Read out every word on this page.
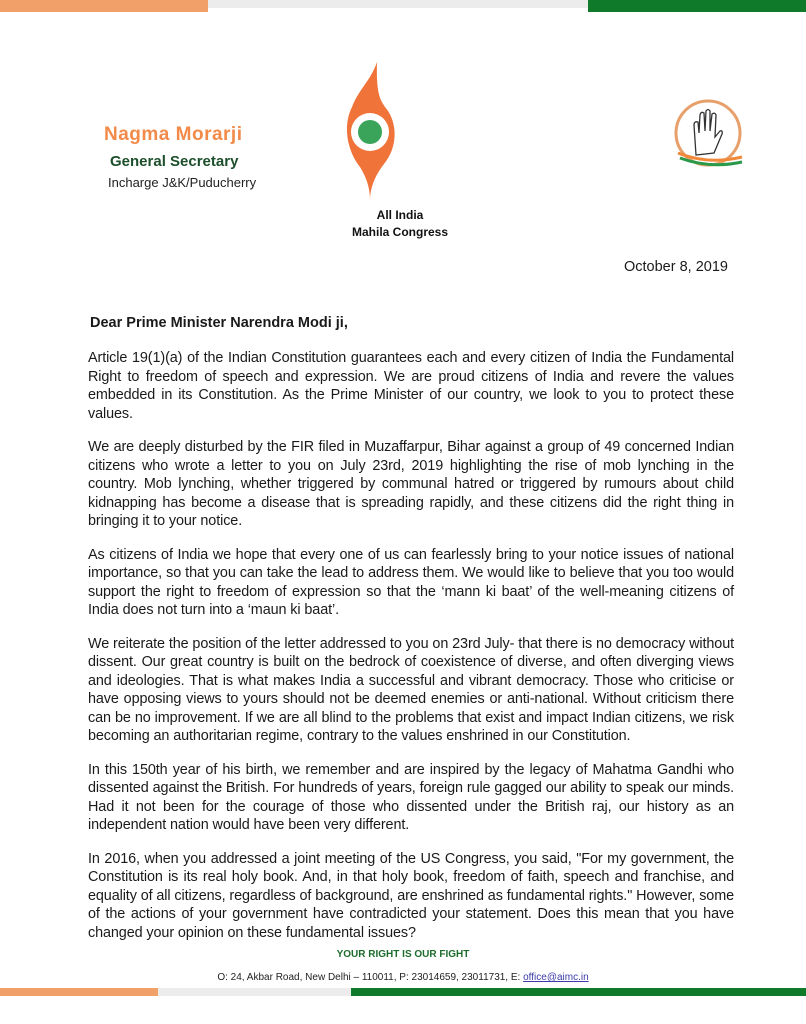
Nagma Morarji
General Secretary
Incharge J&K/Puducherry
All India
Mahila Congress
October 8, 2019
Dear Prime Minister Narendra Modi ji,

Article 19(1)(a) of the Indian Constitution guarantees each and every citizen of India the Fundamental Right to freedom of speech and expression. We are proud citizens of India and revere the values embedded in its Constitution. As the Prime Minister of our country, we look to you to protect these values.

We are deeply disturbed by the FIR filed in Muzaffarpur, Bihar against a group of 49 concerned Indian citizens who wrote a letter to you on July 23rd, 2019 highlighting the rise of mob lynching in the country. Mob lynching, whether triggered by communal hatred or triggered by rumours about child kidnapping has become a disease that is spreading rapidly, and these citizens did the right thing in bringing it to your notice.

As citizens of India we hope that every one of us can fearlessly bring to your notice issues of national importance, so that you can take the lead to address them. We would like to believe that you too would support the right to freedom of expression so that the ‘mann ki baat’ of the well-meaning citizens of India does not turn into a ‘maun ki baat’.

We reiterate the position of the letter addressed to you on 23rd July- that there is no democracy without dissent. Our great country is built on the bedrock of coexistence of diverse, and often diverging views and ideologies. That is what makes India a successful and vibrant democracy. Those who criticise or have opposing views to yours should not be deemed enemies or anti-national. Without criticism there can be no improvement. If we are all blind to the problems that exist and impact Indian citizens, we risk becoming an authoritarian regime, contrary to the values enshrined in our Constitution.

In this 150th year of his birth, we remember and are inspired by the legacy of Mahatma Gandhi who dissented against the British. For hundreds of years, foreign rule gagged our ability to speak our minds. Had it not been for the courage of those who dissented under the British raj, our history as an independent nation would have been very different.

In 2016, when you addressed a joint meeting of the US Congress, you said, "For my government, the Constitution is its real holy book. And, in that holy book, freedom of faith, speech and franchise, and equality of all citizens, regardless of background, are enshrined as fundamental rights." However, some of the actions of your government have contradicted your statement. Does this mean that you have changed your opinion on these fundamental issues?

YOUR RIGHT IS OUR FIGHT
O: 24, Akbar Road, New Delhi – 110011, P: 23014659, 23011731, E: office@aimc.in
